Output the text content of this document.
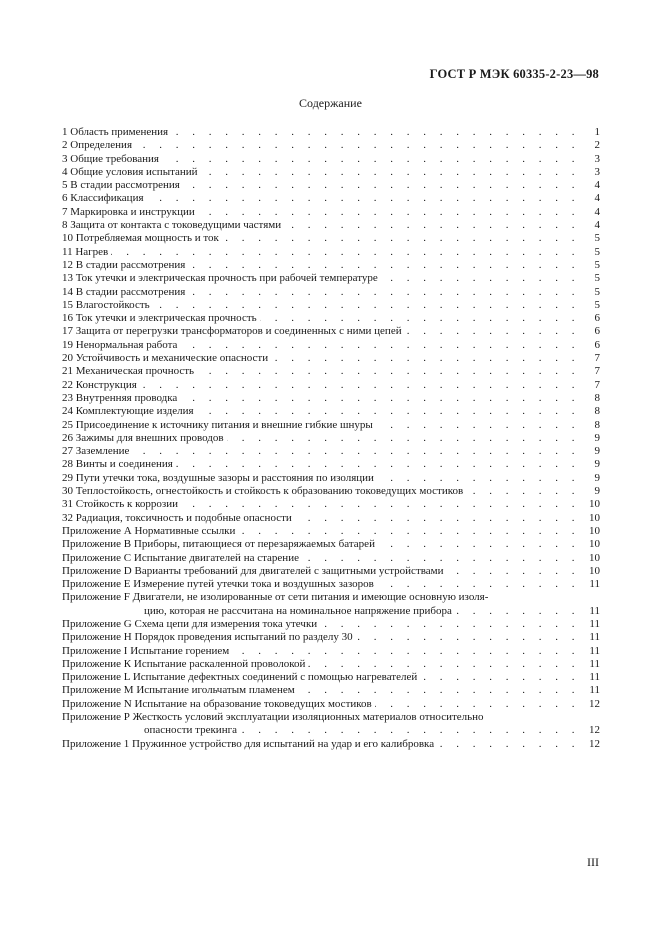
ГОСТ Р МЭК 60335-2-23—98
Содержание
1 Область применения . . .	1
2 Определения . . .	2
3 Общие требования . . .	3
4 Общие условия испытаний . . .	3
5 В стадии рассмотрения . . .	4
6 Классификация . . .	4
7 Маркировка и инструкции . . .	4
8 Защита от контакта с токоведущими частями . . .	4
10 Потребляемая мощность и ток . . .	5
11 Нагрев . . .	5
12 В стадии рассмотрения . . .	5
13 Ток утечки и электрическая прочность при рабочей температуре . . .	5
14 В стадии рассмотрения . . .	5
15 Влагостойкость . . .	5
16 Ток утечки и электрическая прочность . . .	6
17 Защита от перегрузки трансформаторов и соединенных с ними цепей . . .	6
19 Ненормальная работа . . .	6
20 Устойчивость и механические опасности . . .	7
21 Механическая прочность . . .	7
22 Конструкция . . .	7
23 Внутренняя проводка . . .	8
24 Комплектующие изделия . . .	8
25 Присоединение к источнику питания и внешние гибкие шнуры . . .	8
26 Зажимы для внешних проводов . . .	9
27 Заземление . . .	9
28 Винты и соединения . . .	9
29 Пути утечки тока, воздушные зазоры и расстояния по изоляции . . .	9
30 Теплостойкость, огнестойкость и стойкость к образованию токоведущих мостиков . . .	9
31 Стойкость к коррозии . . .	10
32 Радиация, токсичность и подобные опасности . . .	10
Приложение А Нормативные ссылки . . .	10
Приложение В Приборы, питающиеся от перезаряжаемых батарей . . .	10
Приложение С Испытание двигателей на старение . . .	10
Приложение D Варианты требований для двигателей с защитными устройствами . . .	10
Приложение Е Измерение путей утечки тока и воздушных зазоров . . .	11
Приложение F Двигатели, не изолированные от сети питания и имеющие основную изоля-
цию, которая не рассчитана на номинальное напряжение прибора . . .	11
Приложение G Схема цепи для измерения тока утечки . . .	11
Приложение Н Порядок проведения испытаний по разделу 30 . . .	11
Приложение I Испытание горением . . .	11
Приложение К Испытание раскаленной проволокой . . .	11
Приложение L Испытание дефектных соединений с помощью нагревателей . . .	11
Приложение М Испытание игольчатым пламенем . . .	11
Приложение N Испытание на образование токоведущих мостиков . . .	12
Приложение Р Жесткость условий эксплуатации изоляционных материалов относительно
опасности трекинга . . .	12
Приложение 1 Пружинное устройство для испытаний на удар и его калибровка . . .	12
III
